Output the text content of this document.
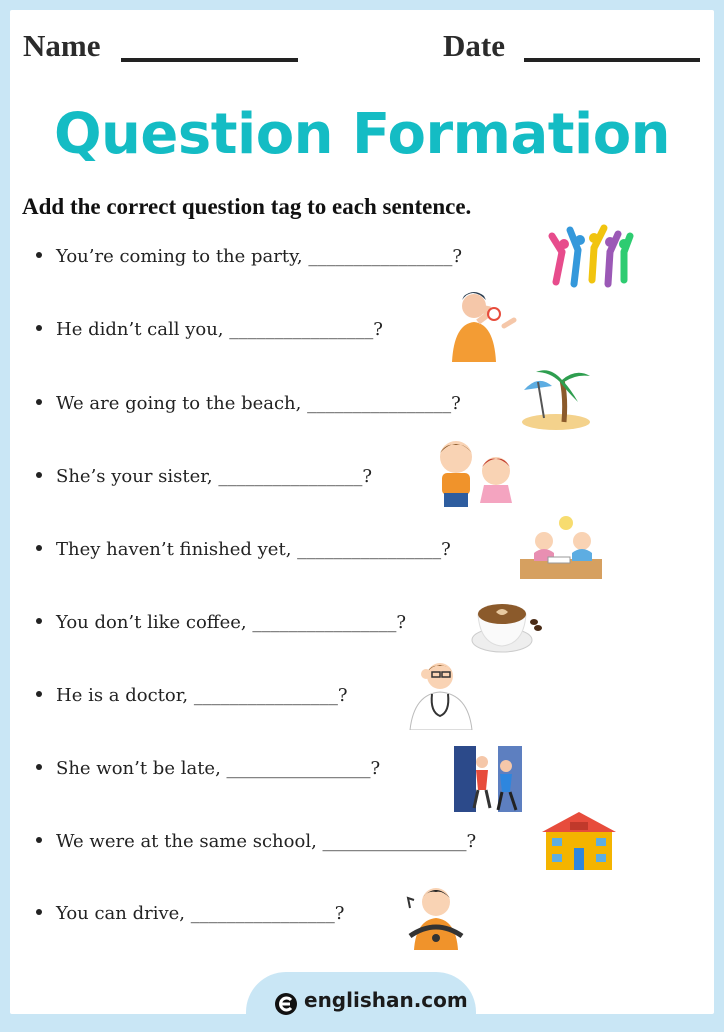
Name	Date
Question Formation
Add the correct question tag to each sentence.
You’re coming to the party, ________________?
He didn’t call you, ________________?
We are going to the beach, ________________?
She’s your sister, ________________?
They haven’t finished yet, ________________?
You don’t like coffee, ________________?
He is a doctor, ________________?
She won’t be late, ________________?
We were at the same school, ________________?
You can drive, ________________?
englishan.com
